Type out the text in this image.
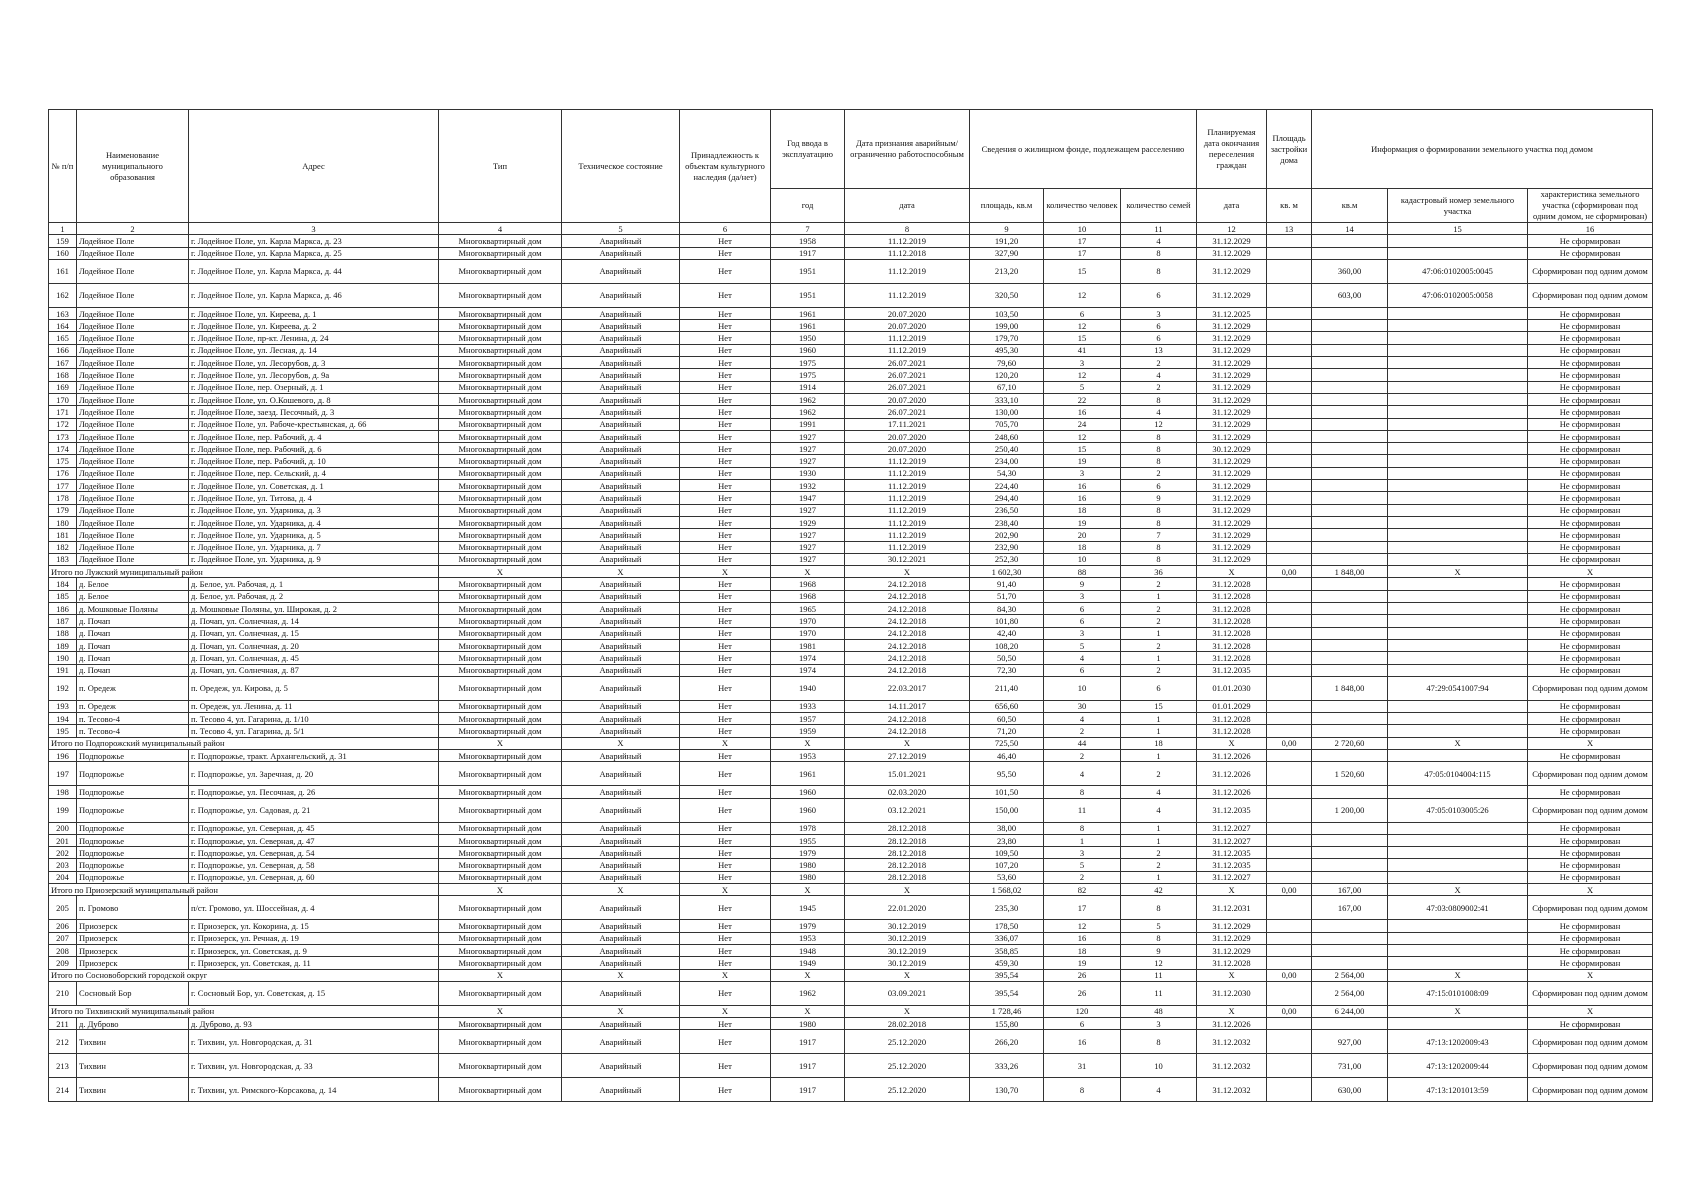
№ п/п	Наименование муниципального образования	Адрес	Тип	Техническое состояние	Принадлежность к объектам культурного наследия (да/нет)	Год ввода в эксплуатацию	Дата признания аварийным/ограниченно работоспособным	Сведения о жилищном фонде, подлежащем расселению			Планируемая дата окончания переселения граждан	Площадь застройки дома	Информация о формировании земельного участка под домом		
						год	дата	площадь, кв.м	количество человек	количество семей	дата	кв. м	кв.м	кадастровый номер земельного участка	характеристика земельного участка (сформирован под одним домом, не сформирован)
1	2	3	4	5	6	7	8	9	10	11	12	13	14	15	16
159	Лодейное Поле	г. Лодейное Поле, ул. Карла Маркса, д. 23	Многоквартирный дом	Аварийный	Нет	1958	11.12.2019	191,20	17	4	31.12.2029				Не сформирован
160	Лодейное Поле	г. Лодейное Поле, ул. Карла Маркса, д. 25	Многоквартирный дом	Аварийный	Нет	1917	11.12.2018	327,90	17	8	31.12.2029				Не сформирован
161	Лодейное Поле	г. Лодейное Поле, ул. Карла Маркса, д. 44	Многоквартирный дом	Аварийный	Нет	1951	11.12.2019	213,20	15	8	31.12.2029		360,00	47:06:0102005:0045	Сформирован под одним домом
162	Лодейное Поле	г. Лодейное Поле, ул. Карла Маркса, д. 46	Многоквартирный дом	Аварийный	Нет	1951	11.12.2019	320,50	12	6	31.12.2029		603,00	47:06:0102005:0058	Сформирован под одним домом
163	Лодейное Поле	г. Лодейное Поле, ул. Киреева, д. 1	Многоквартирный дом	Аварийный	Нет	1961	20.07.2020	103,50	6	3	31.12.2025				Не сформирован
164	Лодейное Поле	г. Лодейное Поле, ул. Киреева, д. 2	Многоквартирный дом	Аварийный	Нет	1961	20.07.2020	199,00	12	6	31.12.2029				Не сформирован
165	Лодейное Поле	г. Лодейное Поле, пр-кт. Ленина, д. 24	Многоквартирный дом	Аварийный	Нет	1950	11.12.2019	179,70	15	6	31.12.2029				Не сформирован
166	Лодейное Поле	г. Лодейное Поле, ул. Лесная, д. 14	Многоквартирный дом	Аварийный	Нет	1960	11.12.2019	495,30	41	13	31.12.2029				Не сформирован
167	Лодейное Поле	г. Лодейное Поле, ул. Лесорубов, д. 3	Многоквартирный дом	Аварийный	Нет	1975	26.07.2021	79,60	3	2	31.12.2029				Не сформирован
168	Лодейное Поле	г. Лодейное Поле, ул. Лесорубов, д. 9а	Многоквартирный дом	Аварийный	Нет	1975	26.07.2021	120,20	12	4	31.12.2029				Не сформирован
169	Лодейное Поле	г. Лодейное Поле, пер. Озерный, д. 1	Многоквартирный дом	Аварийный	Нет	1914	26.07.2021	67,10	5	2	31.12.2029				Не сформирован
170	Лодейное Поле	г. Лодейное Поле, ул. О.Кошевого, д. 8	Многоквартирный дом	Аварийный	Нет	1962	20.07.2020	333,10	22	8	31.12.2029				Не сформирован
171	Лодейное Поле	г. Лодейное Поле, заезд. Песочный, д. 3	Многоквартирный дом	Аварийный	Нет	1962	26.07.2021	130,00	16	4	31.12.2029				Не сформирован
172	Лодейное Поле	г. Лодейное Поле, ул. Рабоче-крестьянская, д. 66	Многоквартирный дом	Аварийный	Нет	1991	17.11.2021	705,70	24	12	31.12.2029				Не сформирован
173	Лодейное Поле	г. Лодейное Поле, пер. Рабочий, д. 4	Многоквартирный дом	Аварийный	Нет	1927	20.07.2020	248,60	12	8	31.12.2029				Не сформирован
174	Лодейное Поле	г. Лодейное Поле, пер. Рабочий, д. 6	Многоквартирный дом	Аварийный	Нет	1927	20.07.2020	250,40	15	8	30.12.2029				Не сформирован
175	Лодейное Поле	г. Лодейное Поле, пер. Рабочий, д. 10	Многоквартирный дом	Аварийный	Нет	1927	11.12.2019	234,00	19	8	31.12.2029				Не сформирован
176	Лодейное Поле	г. Лодейное Поле, пер. Сельский, д. 4	Многоквартирный дом	Аварийный	Нет	1930	11.12.2019	54,30	3	2	31.12.2029				Не сформирован
177	Лодейное Поле	г. Лодейное Поле, ул. Советская, д. 1	Многоквартирный дом	Аварийный	Нет	1932	11.12.2019	224,40	16	6	31.12.2029				Не сформирован
178	Лодейное Поле	г. Лодейное Поле, ул. Титова, д. 4	Многоквартирный дом	Аварийный	Нет	1947	11.12.2019	294,40	16	9	31.12.2029				Не сформирован
179	Лодейное Поле	г. Лодейное Поле, ул. Ударника, д. 3	Многоквартирный дом	Аварийный	Нет	1927	11.12.2019	236,50	18	8	31.12.2029				Не сформирован
180	Лодейное Поле	г. Лодейное Поле, ул. Ударника, д. 4	Многоквартирный дом	Аварийный	Нет	1929	11.12.2019	238,40	19	8	31.12.2029				Не сформирован
181	Лодейное Поле	г. Лодейное Поле, ул. Ударника, д. 5	Многоквартирный дом	Аварийный	Нет	1927	11.12.2019	202,90	20	7	31.12.2029				Не сформирован
182	Лодейное Поле	г. Лодейное Поле, ул. Ударника, д. 7	Многоквартирный дом	Аварийный	Нет	1927	11.12.2019	232,90	18	8	31.12.2029				Не сформирован
183	Лодейное Поле	г. Лодейное Поле, ул. Ударника, д. 9	Многоквартирный дом	Аварийный	Нет	1927	30.12.2021	252,30	10	8	31.12.2029				Не сформирован
Итого по Лужский муниципальный район			X	X	X	X	X	1 602,30	88	36	X	0,00	1 848,00	X	X
184	д. Белое	д. Белое, ул. Рабочая, д. 1	Многоквартирный дом	Аварийный	Нет	1968	24.12.2018	91,40	9	2	31.12.2028				Не сформирован
185	д. Белое	д. Белое, ул. Рабочая, д. 2	Многоквартирный дом	Аварийный	Нет	1968	24.12.2018	51,70	3	1	31.12.2028				Не сформирован
186	д. Мошковые Поляны	д. Мошковые Поляны, ул. Широкая, д. 2	Многоквартирный дом	Аварийный	Нет	1965	24.12.2018	84,30	6	2	31.12.2028				Не сформирован
187	д. Почап	д. Почап, ул. Солнечная, д. 14	Многоквартирный дом	Аварийный	Нет	1970	24.12.2018	101,80	6	2	31.12.2028				Не сформирован
188	д. Почап	д. Почап, ул. Солнечная, д. 15	Многоквартирный дом	Аварийный	Нет	1970	24.12.2018	42,40	3	1	31.12.2028				Не сформирован
189	д. Почап	д. Почап, ул. Солнечная, д. 20	Многоквартирный дом	Аварийный	Нет	1981	24.12.2018	108,20	5	2	31.12.2028				Не сформирован
190	д. Почап	д. Почап, ул. Солнечная, д. 45	Многоквартирный дом	Аварийный	Нет	1974	24.12.2018	50,50	4	1	31.12.2028				Не сформирован
191	д. Почап	д. Почап, ул. Солнечная, д. 87	Многоквартирный дом	Аварийный	Нет	1974	24.12.2018	72,30	6	2	31.12.2035				Не сформирован
192	п. Оредеж	п. Оредеж, ул. Кирова, д. 5	Многоквартирный дом	Аварийный	Нет	1940	22.03.2017	211,40	10	6	01.01.2030		1 848,00	47:29:0541007:94	Сформирован под одним домом
193	п. Оредеж	п. Оредеж, ул. Ленина, д. 11	Многоквартирный дом	Аварийный	Нет	1933	14.11.2017	656,60	30	15	01.01.2029				Не сформирован
194	п. Тесово-4	п. Тесово 4, ул. Гагарина, д. 1/10	Многоквартирный дом	Аварийный	Нет	1957	24.12.2018	60,50	4	1	31.12.2028				Не сформирован
195	п. Тесово-4	п. Тесово 4, ул. Гагарина, д. 5/1	Многоквартирный дом	Аварийный	Нет	1959	24.12.2018	71,20	2	1	31.12.2028				Не сформирован
Итого по Подпорожский муниципальный район			X	X	X	X	X	725,50	44	18	X	0,00	2 720,60	X	X
196	Подпорожье	г. Подпорожье, тракт. Архангельский, д. 31	Многоквартирный дом	Аварийный	Нет	1953	27.12.2019	46,40	2	1	31.12.2026				Не сформирован
197	Подпорожье	г. Подпорожье, ул. Заречная, д. 20	Многоквартирный дом	Аварийный	Нет	1961	15.01.2021	95,50	4	2	31.12.2026		1 520,60	47:05:0104004:115	Сформирован под одним домом
198	Подпорожье	г. Подпорожье, ул. Песочная, д. 26	Многоквартирный дом	Аварийный	Нет	1960	02.03.2020	101,50	8	4	31.12.2026				Не сформирован
199	Подпорожье	г. Подпорожье, ул. Садовая, д. 21	Многоквартирный дом	Аварийный	Нет	1960	03.12.2021	150,00	11	4	31.12.2035		1 200,00	47:05:0103005:26	Сформирован под одним домом
200	Подпорожье	г. Подпорожье, ул. Северная, д. 45	Многоквартирный дом	Аварийный	Нет	1978	28.12.2018	38,00	8	1	31.12.2027				Не сформирован
201	Подпорожье	г. Подпорожье, ул. Северная, д. 47	Многоквартирный дом	Аварийный	Нет	1955	28.12.2018	23,80	1	1	31.12.2027				Не сформирован
202	Подпорожье	г. Подпорожье, ул. Северная, д. 54	Многоквартирный дом	Аварийный	Нет	1979	28.12.2018	109,50	3	2	31.12.2035				Не сформирован
203	Подпорожье	г. Подпорожье, ул. Северная, д. 58	Многоквартирный дом	Аварийный	Нет	1980	28.12.2018	107,20	5	2	31.12.2035				Не сформирован
204	Подпорожье	г. Подпорожье, ул. Северная, д. 60	Многоквартирный дом	Аварийный	Нет	1980	28.12.2018	53,60	2	1	31.12.2027				Не сформирован
Итого по Приозерский муниципальный район			X	X	X	X	X	1 568,02	82	42	X	0,00	167,00	X	X
205	п. Громово	п/ст. Громово, ул. Шоссейная, д. 4	Многоквартирный дом	Аварийный	Нет	1945	22.01.2020	235,30	17	8	31.12.2031		167,00	47:03:0809002:41	Сформирован под одним домом
206	Приозерск	г. Приозерск, ул. Кокорина, д. 15	Многоквартирный дом	Аварийный	Нет	1979	30.12.2019	178,50	12	5	31.12.2029				Не сформирован
207	Приозерск	г. Приозерск, ул. Речная, д. 19	Многоквартирный дом	Аварийный	Нет	1953	30.12.2019	336,07	16	8	31.12.2029				Не сформирован
208	Приозерск	г. Приозерск, ул. Советская, д. 9	Многоквартирный дом	Аварийный	Нет	1948	30.12.2019	358,85	18	9	31.12.2029				Не сформирован
209	Приозерск	г. Приозерск, ул. Советская, д. 11	Многоквартирный дом	Аварийный	Нет	1949	30.12.2019	459,30	19	12	31.12.2028				Не сформирован
Итого по Сосновоборский городской округ			X	X	X	X	X	395,54	26	11	X	0,00	2 564,00	X	X
210	Сосновый Бор	г. Сосновый Бор, ул. Советская, д. 15	Многоквартирный дом	Аварийный	Нет	1962	03.09.2021	395,54	26	11	31.12.2030		2 564,00	47:15:0101008:09	Сформирован под одним домом
Итого по Тихвинский муниципальный район			X	X	X	X	X	1 728,46	120	48	X	0,00	6 244,00	X	X
211	д. Дуброво	д. Дуброво, д. 93	Многоквартирный дом	Аварийный	Нет	1980	28.02.2018	155,80	6	3	31.12.2026				Не сформирован
212	Тихвин	г. Тихвин, ул. Новгородская, д. 31	Многоквартирный дом	Аварийный	Нет	1917	25.12.2020	266,20	16	8	31.12.2032		927,00	47:13:1202009:43	Сформирован под одним домом
213	Тихвин	г. Тихвин, ул. Новгородская, д. 33	Многоквартирный дом	Аварийный	Нет	1917	25.12.2020	333,26	31	10	31.12.2032		731,00	47:13:1202009:44	Сформирован под одним домом
214	Тихвин	г. Тихвин, ул. Римского-Корсакова, д. 14	Многоквартирный дом	Аварийный	Нет	1917	25.12.2020	130,70	8	4	31.12.2032		630,00	47:13:1201013:59	Сформирован под одним домом
